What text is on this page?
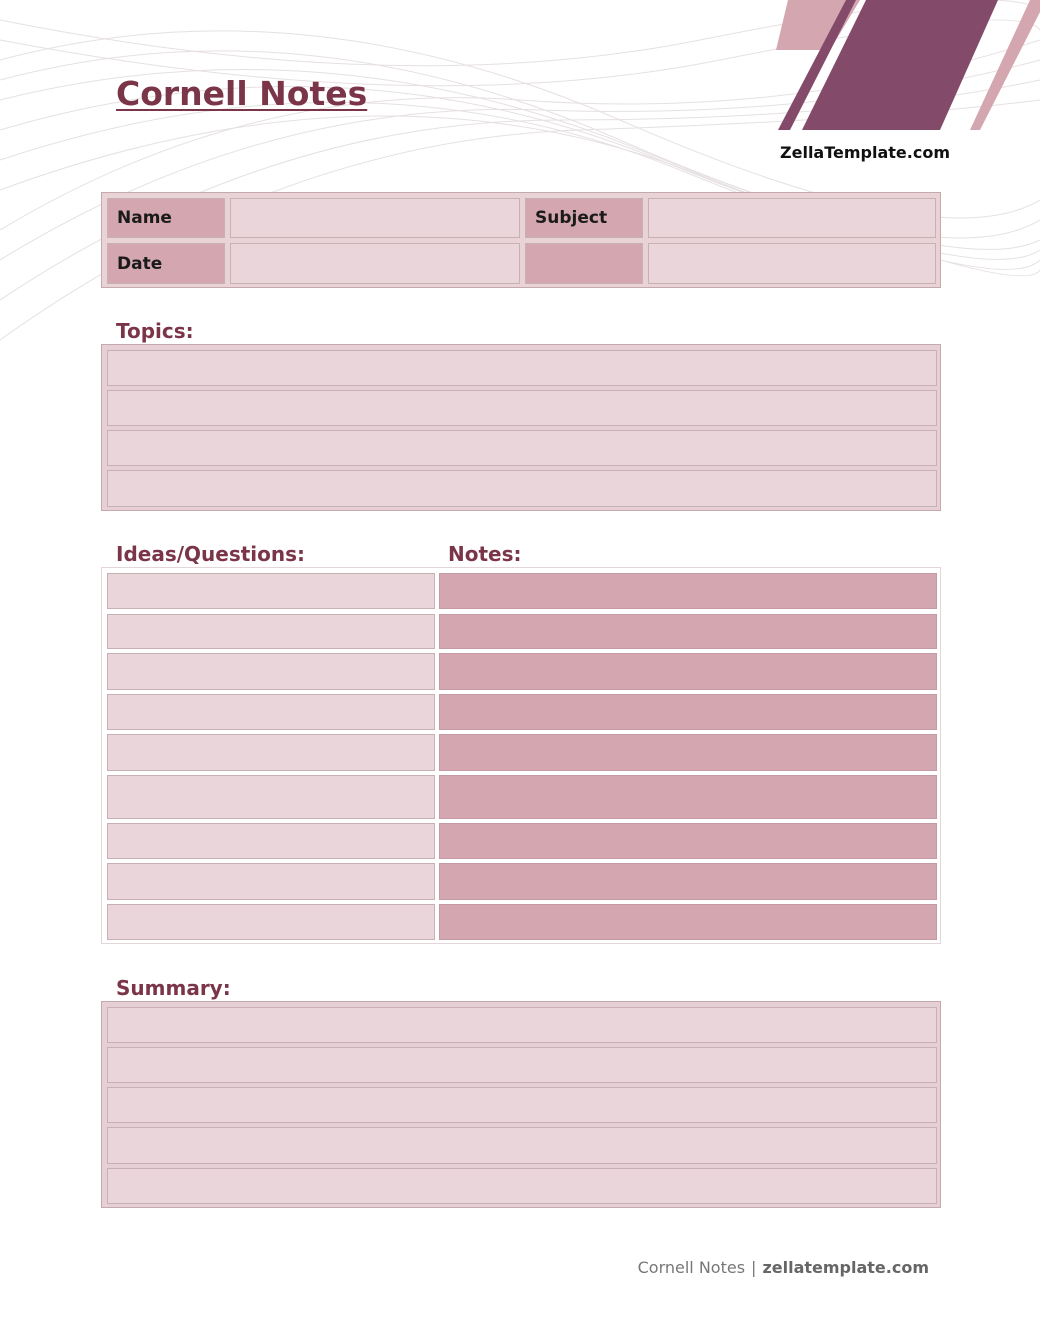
Cornell Notes
ZellaTemplate.com
Name	Subject
Date
Topics:
Ideas/Questions:	Notes:
Summary:
Cornell Notes | zellatemplate.com
